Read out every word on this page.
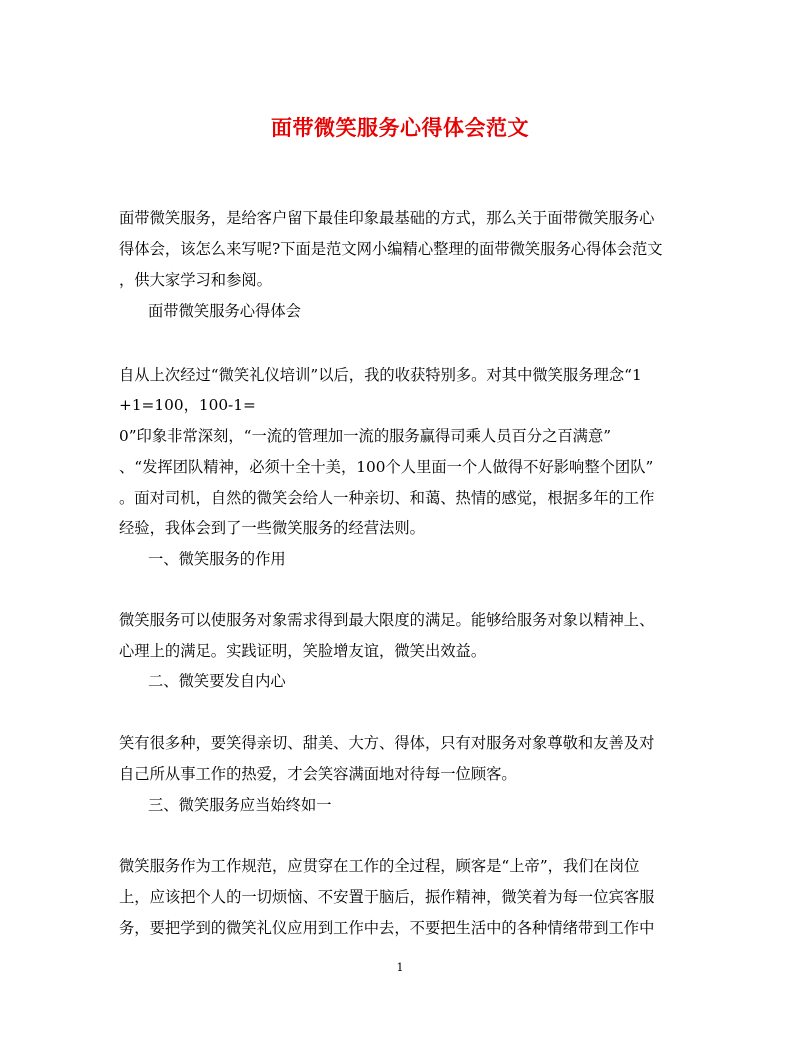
面带微笑服务心得体会范文
面带微笑服务，是给客户留下最佳印象最基础的方式，那么关于面带微笑服务心
得体会，该怎么来写呢?下面是范文网小编精心整理的面带微笑服务心得体会范文
，供大家学习和参阅。
面带微笑服务心得体会
自从上次经过“微笑礼仪培训”以后，我的收获特别多。对其中微笑服务理念“1
+1=100，100-1=
0”印象非常深刻，“一流的管理加一流的服务赢得司乘人员百分之百满意”
、“发挥团队精神，必须十全十美，100个人里面一个人做得不好影响整个团队”
。面对司机，自然的微笑会给人一种亲切、和蔼、热情的感觉，根据多年的工作
经验，我体会到了一些微笑服务的经营法则。
一、微笑服务的作用
微笑服务可以使服务对象需求得到最大限度的满足。能够给服务对象以精神上、
心理上的满足。实践证明，笑脸增友谊，微笑出效益。
二、微笑要发自内心
笑有很多种，要笑得亲切、甜美、大方、得体，只有对服务对象尊敬和友善及对
自己所从事工作的热爱，才会笑容满面地对待每一位顾客。
三、微笑服务应当始终如一
微笑服务作为工作规范，应贯穿在工作的全过程，顾客是“上帝”，我们在岗位
上，应该把个人的一切烦恼、不安置于脑后，振作精神，微笑着为每一位宾客服
务，要把学到的微笑礼仪应用到工作中去，不要把生活中的各种情绪带到工作中
1
